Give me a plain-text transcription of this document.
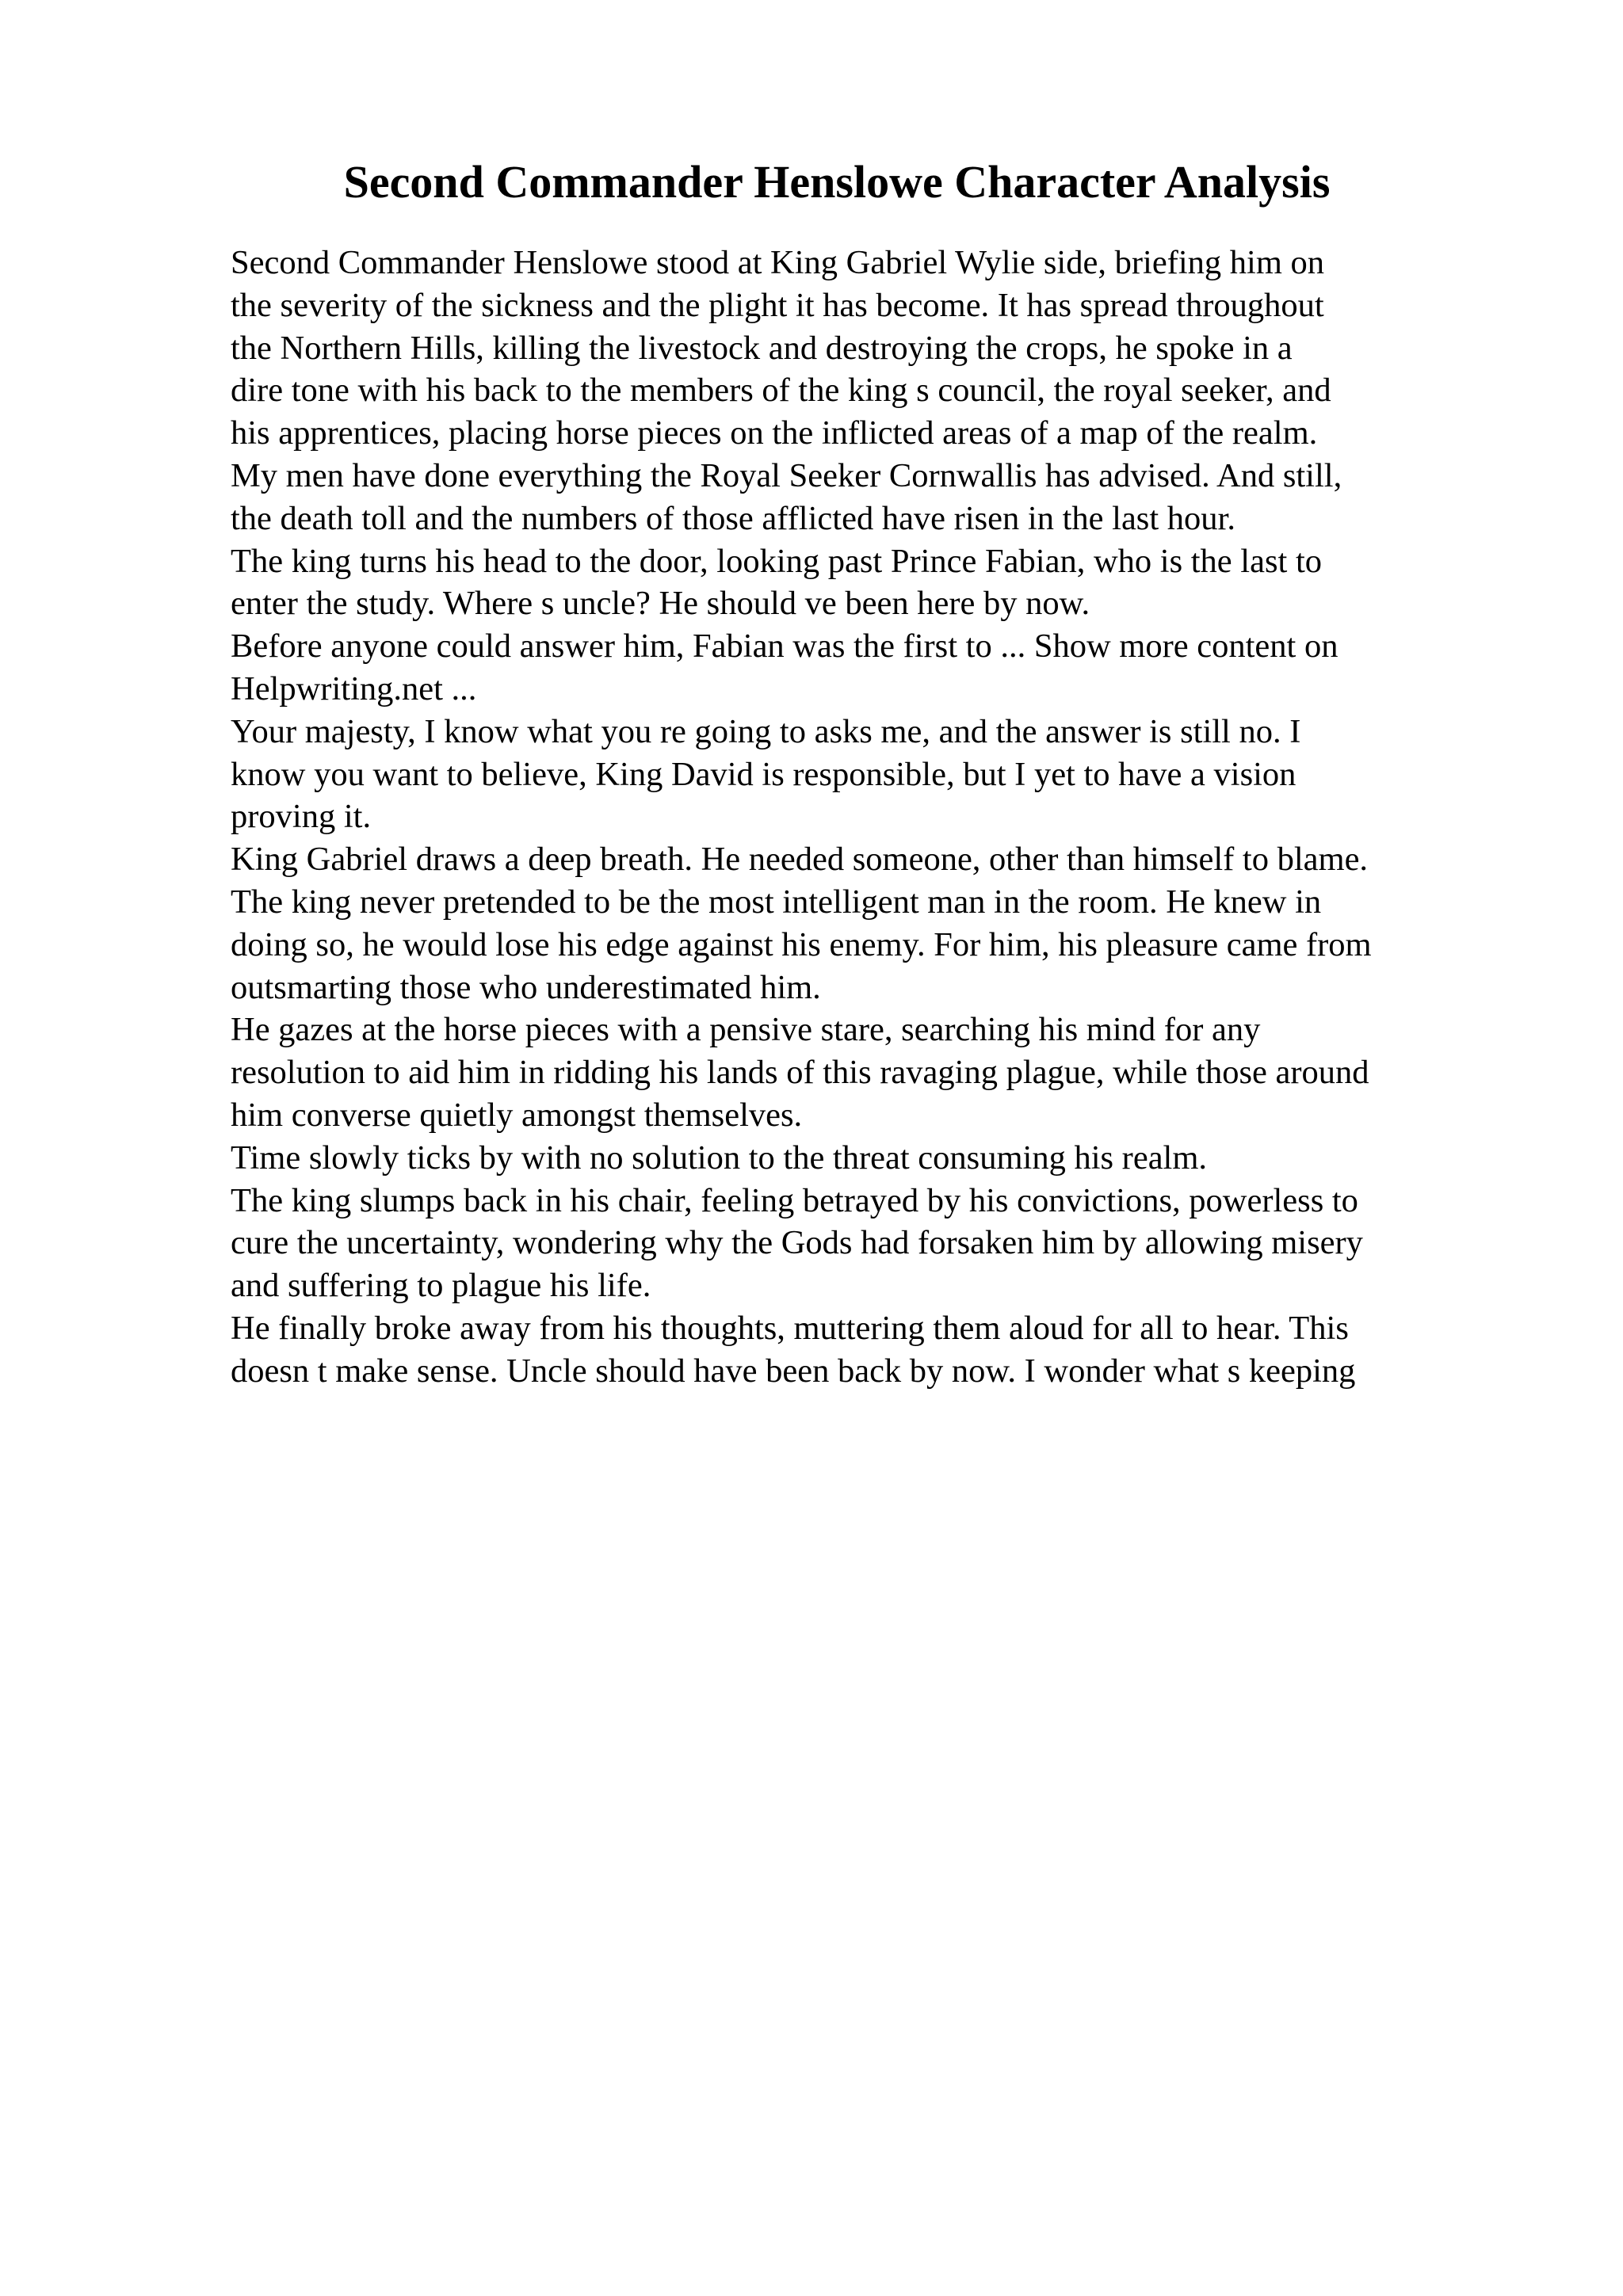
Second Commander Henslowe Character Analysis
Second Commander Henslowe stood at King Gabriel Wylie side, briefing him on
the severity of the sickness and the plight it has become. It has spread throughout
the Northern Hills, killing the livestock and destroying the crops, he spoke in a
dire tone with his back to the members of the king s council, the royal seeker, and
his apprentices, placing horse pieces on the inflicted areas of a map of the realm.
My men have done everything the Royal Seeker Cornwallis has advised. And still,
the death toll and the numbers of those afflicted have risen in the last hour.
The king turns his head to the door, looking past Prince Fabian, who is the last to
enter the study. Where s uncle? He should ve been here by now.
Before anyone could answer him, Fabian was the first to ... Show more content on
Helpwriting.net ...
Your majesty, I know what you re going to asks me, and the answer is still no. I
know you want to believe, King David is responsible, but I yet to have a vision
proving it.
King Gabriel draws a deep breath. He needed someone, other than himself to blame.
The king never pretended to be the most intelligent man in the room. He knew in
doing so, he would lose his edge against his enemy. For him, his pleasure came from
outsmarting those who underestimated him.
He gazes at the horse pieces with a pensive stare, searching his mind for any
resolution to aid him in ridding his lands of this ravaging plague, while those around
him converse quietly amongst themselves.
Time slowly ticks by with no solution to the threat consuming his realm.
The king slumps back in his chair, feeling betrayed by his convictions, powerless to
cure the uncertainty, wondering why the Gods had forsaken him by allowing misery
and suffering to plague his life.
He finally broke away from his thoughts, muttering them aloud for all to hear. This
doesn t make sense. Uncle should have been back by now. I wonder what s keeping
